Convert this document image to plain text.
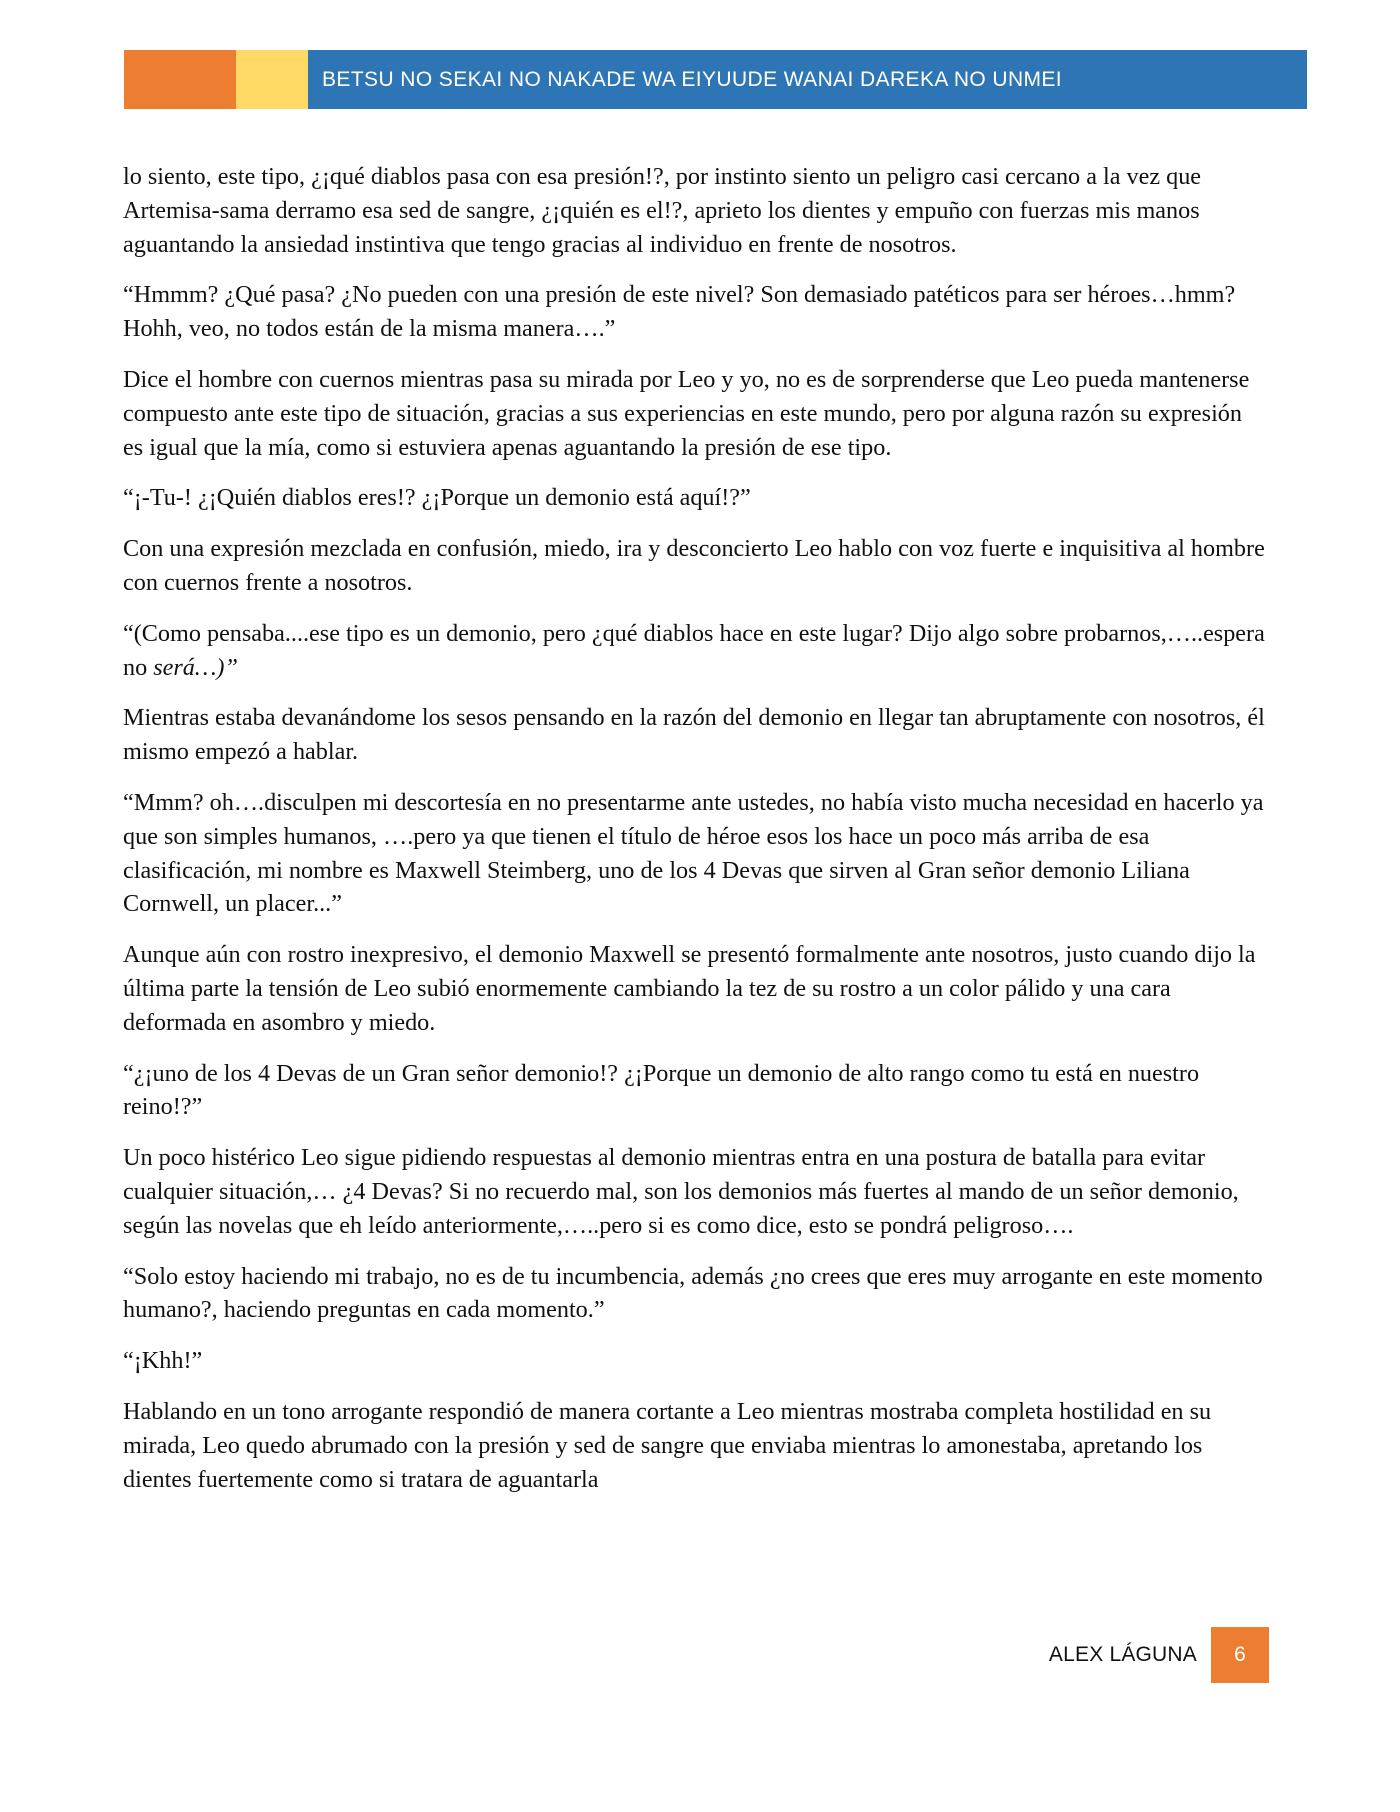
BETSU NO SEKAI NO NAKADE WA EIYUUDE WANAI DAREKA NO UNMEI

lo siento, este tipo, ¿¡qué diablos pasa con esa presión!?, por instinto siento un peligro casi cercano a la vez que Artemisa-sama derramo esa sed de sangre, ¿¡quién es el!?, aprieto los dientes y empuño con fuerzas mis manos aguantando la ansiedad instintiva que tengo gracias al individuo en frente de nosotros.

“Hmmm? ¿Qué pasa? ¿No pueden con una presión de este nivel? Son demasiado patéticos para ser héroes…hmm? Hohh, veo, no todos están de la misma manera….”

Dice el hombre con cuernos mientras pasa su mirada por Leo y yo, no es de sorprenderse que Leo pueda mantenerse compuesto ante este tipo de situación, gracias a sus experiencias en este mundo, pero por alguna razón su expresión es igual que la mía, como si estuviera apenas aguantando la presión de ese tipo.

“¡-Tu-! ¿¡Quién diablos eres!? ¿¡Porque un demonio está aquí!?”

Con una expresión mezclada en confusión, miedo, ira y desconcierto Leo hablo con voz fuerte e inquisitiva al hombre con cuernos frente a nosotros.

“(Como pensaba....ese tipo es un demonio, pero ¿qué diablos hace en este lugar? Dijo algo sobre probarnos,…..espera no será…)”

Mientras estaba devanándome los sesos pensando en la razón del demonio en llegar tan abruptamente con nosotros, él mismo empezó a hablar.

“Mmm? oh….disculpen mi descortesía en no presentarme ante ustedes, no había visto mucha necesidad en hacerlo ya que son simples humanos, ….pero ya que tienen el título de héroe esos los hace un poco más arriba de esa clasificación, mi nombre es Maxwell Steimberg, uno de los 4 Devas que sirven al Gran señor demonio Liliana Cornwell, un placer...”

Aunque aún con rostro inexpresivo, el demonio Maxwell se presentó formalmente ante nosotros, justo cuando dijo la última parte la tensión de Leo subió enormemente cambiando la tez de su rostro a un color pálido y una cara deformada en asombro y miedo.

“¿¡uno de los 4 Devas de un Gran señor demonio!? ¿¡Porque un demonio de alto rango como tu está en nuestro reino!?”

Un poco histérico Leo sigue pidiendo respuestas al demonio mientras entra en una postura de batalla para evitar cualquier situación,… ¿4 Devas? Si no recuerdo mal, son los demonios más fuertes al mando de un señor demonio, según las novelas que eh leído anteriormente,…..pero si es como dice, esto se pondrá peligroso….

“Solo estoy haciendo mi trabajo, no es de tu incumbencia, además ¿no crees que eres muy arrogante en este momento humano?, haciendo preguntas en cada momento.”

“¡Khh!”

Hablando en un tono arrogante respondió de manera cortante a Leo mientras mostraba completa hostilidad en su mirada, Leo quedo abrumado con la presión y sed de sangre que enviaba mientras lo amonestaba, apretando los dientes fuertemente como si tratara de aguantarla

ALEX LÁGUNA 6
